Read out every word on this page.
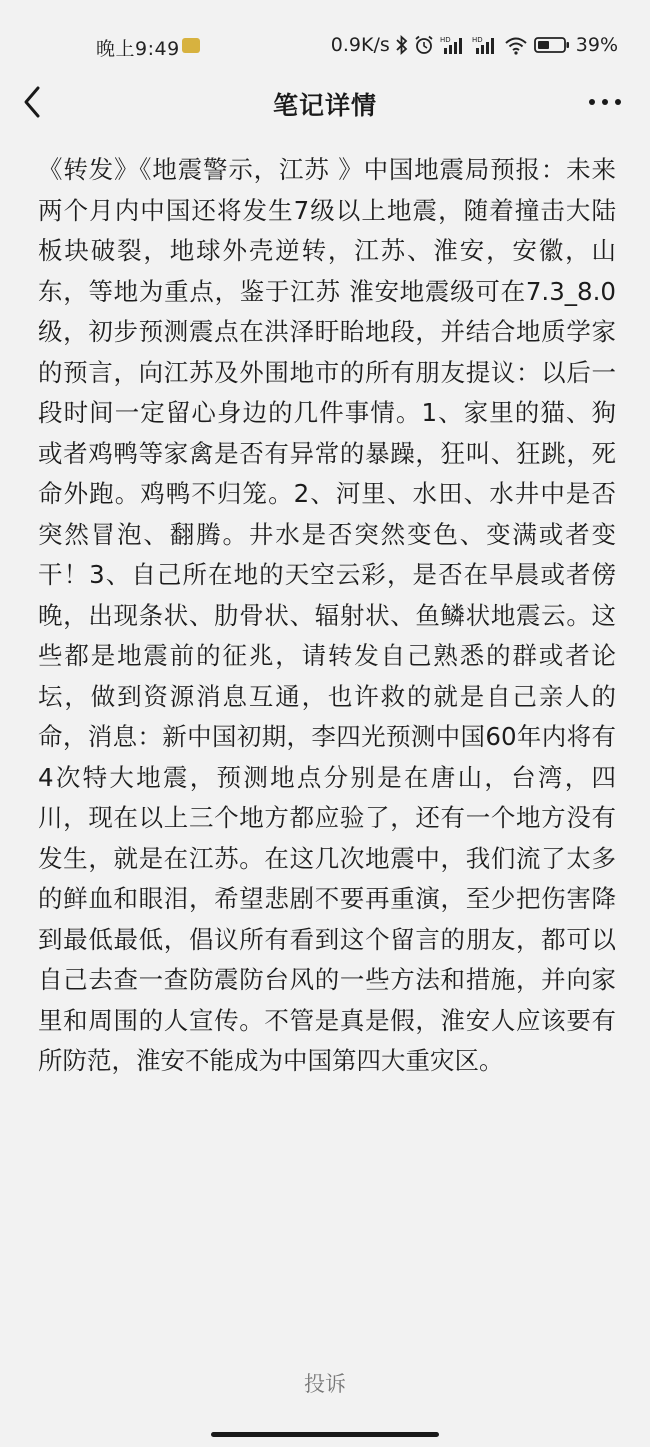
晚上9:49	0.9K/s	HD	HD	39%
笔记详情
《转发》《地震警示，江苏 》中国地震局预报：未来两个月内中国还将发生7级以上地震，随着撞击大陆板块破裂，地球外壳逆转，江苏、淮安，安徽，山东，等地为重点，鉴于江苏 淮安地震级可在7.3_8.0级，初步预测震点在洪泽盱眙地段，并结合地质学家的预言，向江苏及外围地市的所有朋友提议：以后一段时间一定留心身边的几件事情。1、家里的猫、狗或者鸡鸭等家禽是否有异常的暴躁，狂叫、狂跳，死命外跑。鸡鸭不归笼。2、河里、水田、水井中是否突然冒泡、翻腾。井水是否突然变色、变满或者变干！3、自己所在地的天空云彩，是否在早晨或者傍晚，出现条状、肋骨状、辐射状、鱼鳞状地震云。这些都是地震前的征兆，请转发自己熟悉的群或者论坛，做到资源消息互通，也许救的就是自己亲人的命，消息：新中国初期，李四光预测中国60年内将有4次特大地震，预测地点分别是在唐山，台湾，四川，现在以上三个地方都应验了，还有一个地方没有发生，就是在江苏。在这几次地震中，我们流了太多的鲜血和眼泪，希望悲剧不要再重演，至少把伤害降到最低最低，倡议所有看到这个留言的朋友，都可以自己去查一查防震防台风的一些方法和措施，并向家里和周围的人宣传。不管是真是假，淮安人应该要有所防范，淮安不能成为中国第四大重灾区。
投诉
